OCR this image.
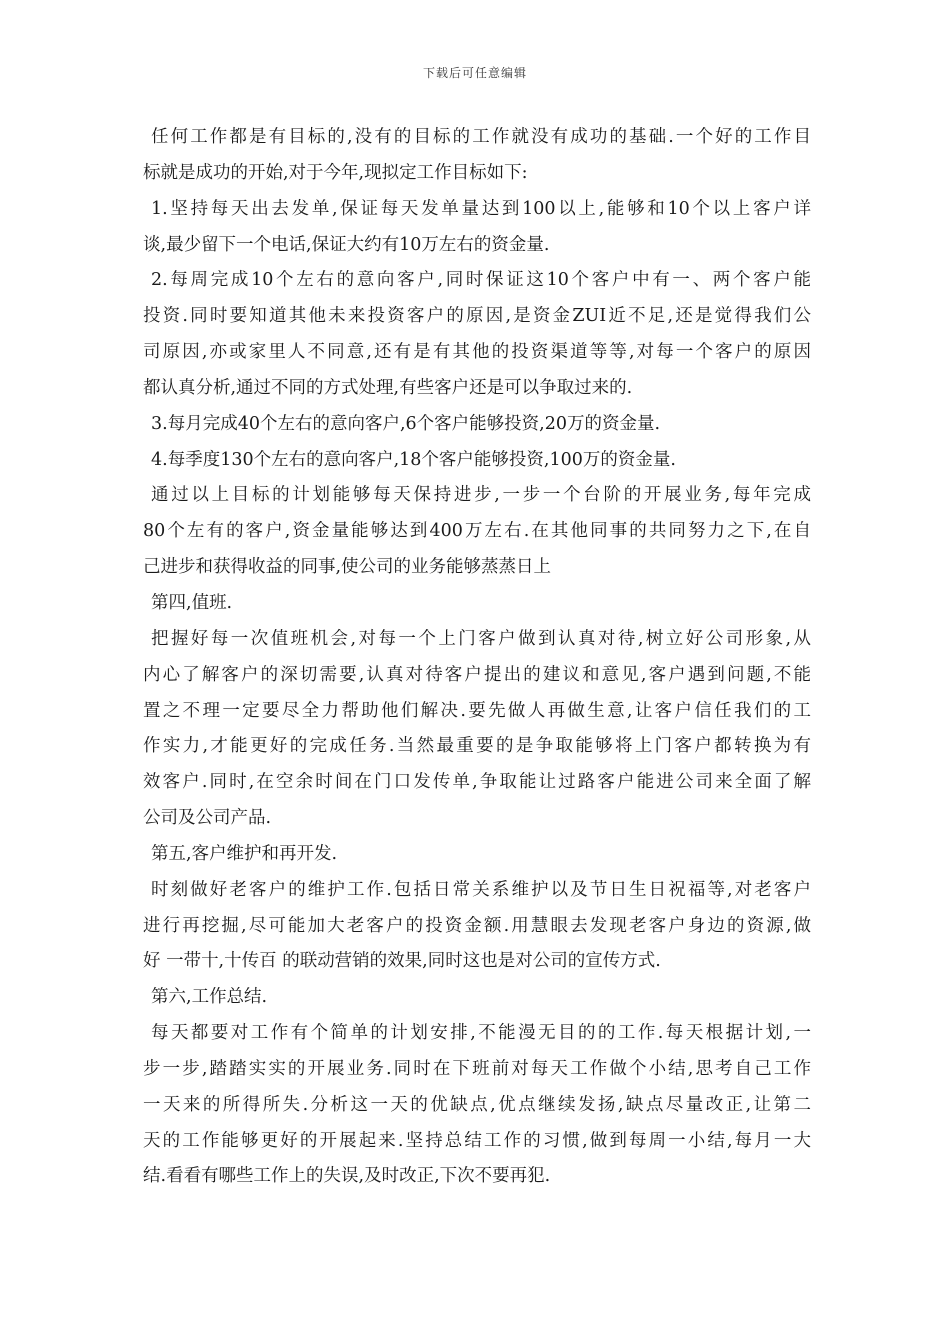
下载后可任意编辑
任何工作都是有目标的,没有的目标的工作就没有成功的基础.一个好的工作目
标就是成功的开始,对于今年,现拟定工作目标如下:
1.坚持每天出去发单,保证每天发单量达到100以上,能够和10个以上客户详
谈,最少留下一个电话,保证大约有10万左右的资金量.
2.每周完成10个左右的意向客户,同时保证这10个客户中有一、两个客户能
投资.同时要知道其他未来投资客户的原因,是资金ZUI近不足,还是觉得我们公
司原因,亦或家里人不同意,还有是有其他的投资渠道等等,对每一个客户的原因
都认真分析,通过不同的方式处理,有些客户还是可以争取过来的.
3.每月完成40个左右的意向客户,6个客户能够投资,20万的资金量.
4.每季度130个左右的意向客户,18个客户能够投资,100万的资金量.
通过以上目标的计划能够每天保持进步,一步一个台阶的开展业务,每年完成
80个左有的客户,资金量能够达到400万左右.在其他同事的共同努力之下,在自
己进步和获得收益的同事,使公司的业务能够蒸蒸日上
第四,值班.
把握好每一次值班机会,对每一个上门客户做到认真对待,树立好公司形象,从
内心了解客户的深切需要,认真对待客户提出的建议和意见,客户遇到问题,不能
置之不理一定要尽全力帮助他们解决.要先做人再做生意,让客户信任我们的工
作实力,才能更好的完成任务.当然最重要的是争取能够将上门客户都转换为有
效客户.同时,在空余时间在门口发传单,争取能让过路客户能进公司来全面了解
公司及公司产品.
第五,客户维护和再开发.
时刻做好老客户的维护工作.包括日常关系维护以及节日生日祝福等,对老客户
进行再挖掘,尽可能加大老客户的投资金额.用慧眼去发现老客户身边的资源,做
好 一带十,十传百 的联动营销的效果,同时这也是对公司的宣传方式.
第六,工作总结.
每天都要对工作有个简单的计划安排,不能漫无目的的工作.每天根据计划,一
步一步,踏踏实实的开展业务.同时在下班前对每天工作做个小结,思考自己工作
一天来的所得所失.分析这一天的优缺点,优点继续发扬,缺点尽量改正,让第二
天的工作能够更好的开展起来.坚持总结工作的习惯,做到每周一小结,每月一大
结.看看有哪些工作上的失误,及时改正,下次不要再犯.
